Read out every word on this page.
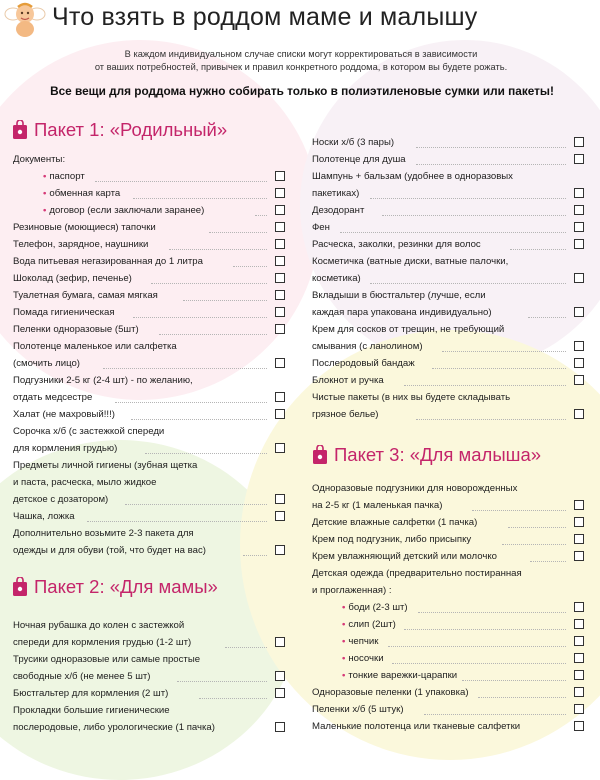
Что взять в роддом маме и малышу
В каждом индивидуальном случае списки могут корректироваться в зависимости
от ваших потребностей, привычек и правил конкретного роддома, в котором вы будете рожать.
Все вещи для роддома нужно собирать только в полиэтиленовые сумки или пакеты!
Пакет 1: «Родильный»
Пакет 2: «Для мамы»
Пакет 3: «Для малыша»
Документы:
• паспорт
• обменная карта
• договор (если заключали заранее)
Резиновые (моющиеся) тапочки
Телефон, зарядное, наушники
Вода питьевая негазированная до 1 литра
Шоколад (зефир, печенье)
Туалетная бумага, самая мягкая
Помада гигиеническая
Пеленки одноразовые (5шт)
Полотенце маленькое или салфетка
(смочить лицо)
Подгузники 2-5 кг (2-4 шт) - по желанию,
отдать медсестре
Халат (не махровый!!!)
Сорочка х/б (с застежкой спереди
для кормления грудью)
Предметы личной гигиены (зубная щетка
и паста, расческа, мыло жидкое
детское с дозатором)
Чашка, ложка
Дополнительно возьмите 2-3 пакета для
одежды и для обуви (той, что будет на вас)
Ночная рубашка до колен с застежкой
спереди для кормления грудью (1-2 шт)
Трусики одноразовые или самые простые
свободные х/б (не менее 5 шт)
Бюстгальтер для кормления (2 шт)
Прокладки большие гигиенические
послеродовые, либо урологические (1 пачка)
Носки х/б (3 пары)
Полотенце для душа
Шампунь + бальзам (удобнее в одноразовых
пакетиках)
Дезодорант
Фен
Расческа, заколки, резинки для волос
Косметичка (ватные диски, ватные палочки,
косметика)
Вкладыши в бюстгальтер (лучше, если
каждая пара упакована индивидуально)
Крем для сосков от трещин, не требующий
смывания (с ланолином)
Послеродовый бандаж
Блокнот и ручка
Чистые пакеты (в них вы будете складывать
грязное белье)
Одноразовые подгузники для новорожденных
на 2-5 кг (1 маленькая пачка)
Детские влажные салфетки (1 пачка)
Крем под подгузник, либо присыпку
Крем увлажняющий детский или молочко
Детская одежда (предварительно постиранная
и проглаженная) :
• боди (2-3 шт)
• слип (2шт)
• чепчик
• носочки
• тонкие варежки-царапки
Одноразовые пеленки (1 упаковка)
Пеленки х/б (5 штук)
Маленькие полотенца или тканевые салфетки
